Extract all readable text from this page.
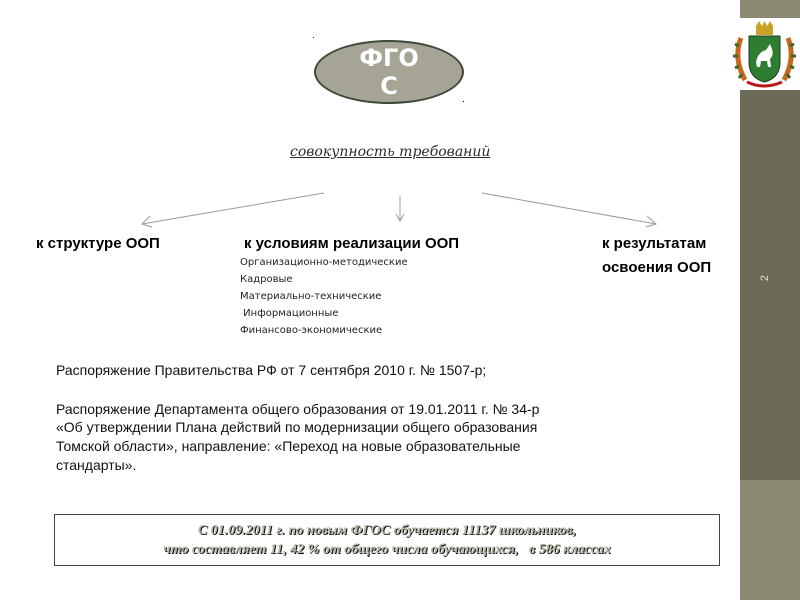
2
ФГОС
.
.
совокупность требований
к структуре ООП	к условиям реализации ООП	к результатам
освоения ООП
Организационно-методические
Кадровые
Материально-технические
Информационные
Финансово-экономические
Распоряжение Правительства РФ от 7 сентября 2010 г. № 1507-р;
Распоряжение Департамента общего образования от 19.01.2011 г. № 34-р
«Об утверждении Плана действий по модернизации общего образования
Томской области», направление: «Переход на новые образовательные
стандарты».
С 01.09.2011 г. по новым ФГОС обучается 11137 школьников,
что составляет 11, 42 % от общего числа обучающихся,   в 586 классах
